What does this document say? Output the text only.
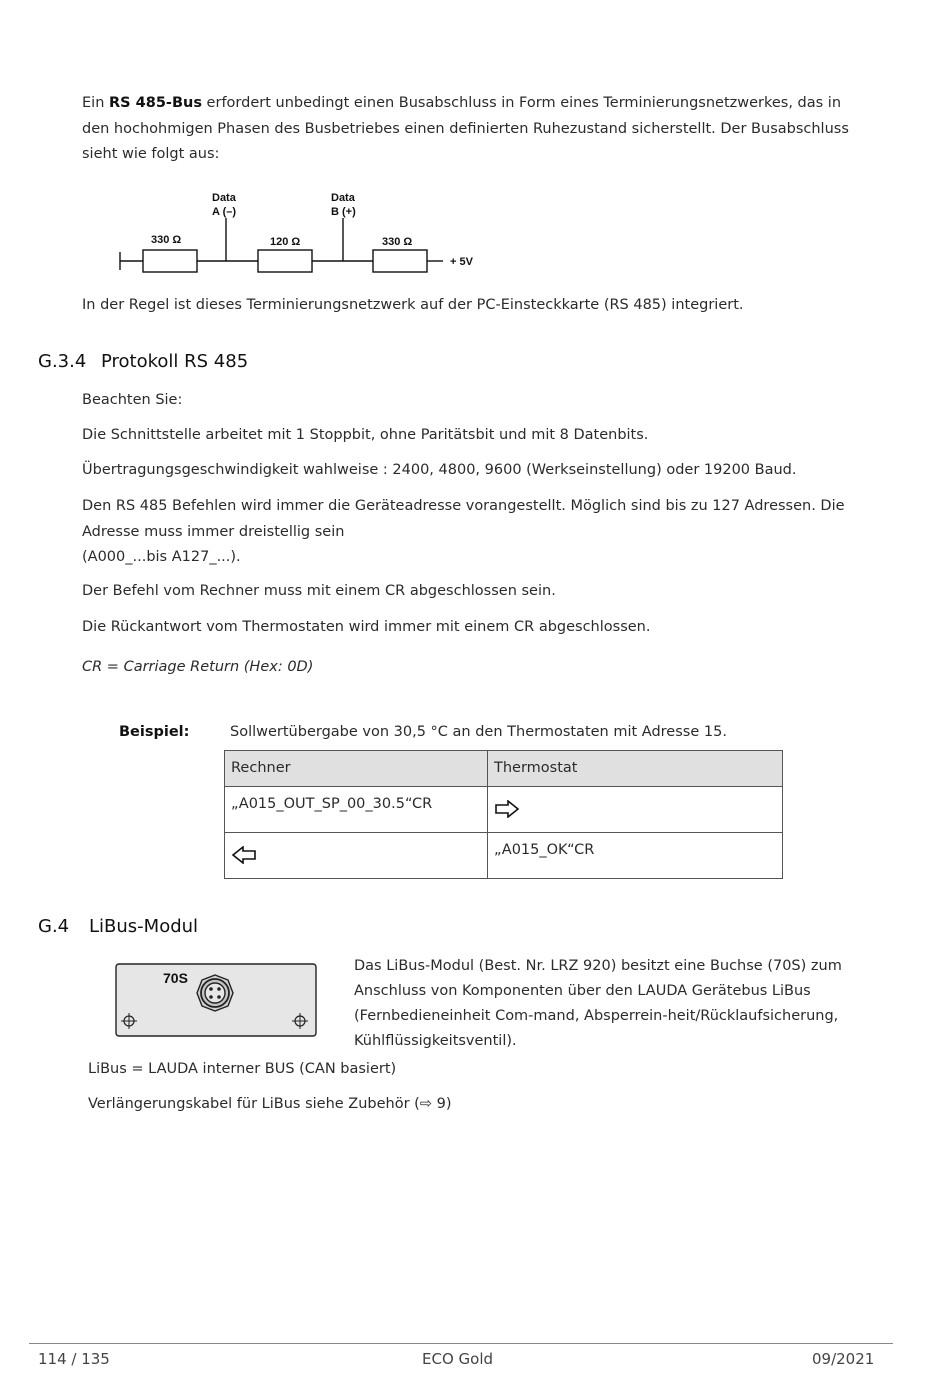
Ein RS 485-Bus erfordert unbedingt einen Busabschluss in Form eines Terminierungsnetzwerkes, das in den hochohmigen Phasen des Busbetriebes einen definierten Ruhezustand sicherstellt. Der Busabschluss sieht wie folgt aus:

Data
A (–)
Data
B (+)
330 Ω	120 Ω	330 Ω
+ 5V

In der Regel ist dieses Terminierungsnetzwerk auf der PC-Einsteckkarte (RS 485) integriert.

G.3.4 Protokoll RS 485

Beachten Sie:

Die Schnittstelle arbeitet mit 1 Stoppbit, ohne Paritätsbit und mit 8 Datenbits.

Übertragungsgeschwindigkeit wahlweise : 2400, 4800, 9600 (Werkseinstellung) oder 19200 Baud.

Den RS 485 Befehlen wird immer die Geräteadresse vorangestellt. Möglich sind bis zu 127 Adressen. Die Adresse muss immer dreistellig sein
(A000_...bis A127_...).

Der Befehl vom Rechner muss mit einem CR abgeschlossen sein.

Die Rückantwort vom Thermostaten wird immer mit einem CR abgeschlossen.

CR = Carriage Return (Hex: 0D)

Beispiel:	Sollwertübergabe von 30,5 °C an den Thermostaten mit Adresse 15.
Rechner	Thermostat
„A015_OUT_SP_00_30.5“CR	

	„A015_OK“CR
G.4 LiBus-Modul
70S

Das LiBus-Modul (Best. Nr. LRZ 920) besitzt eine Buchse (70S) zum Anschluss von Komponenten über den LAUDA Gerätebus LiBus (Fernbedieneinheit Com-mand, Absperrein-heit/Rücklaufsicherung, Kühlflüssigkeitsventil).

LiBus = LAUDA interner BUS (CAN basiert)

Verlängerungskabel für LiBus siehe Zubehör (⇨ 9)

114 / 135	ECO Gold	09/2021
